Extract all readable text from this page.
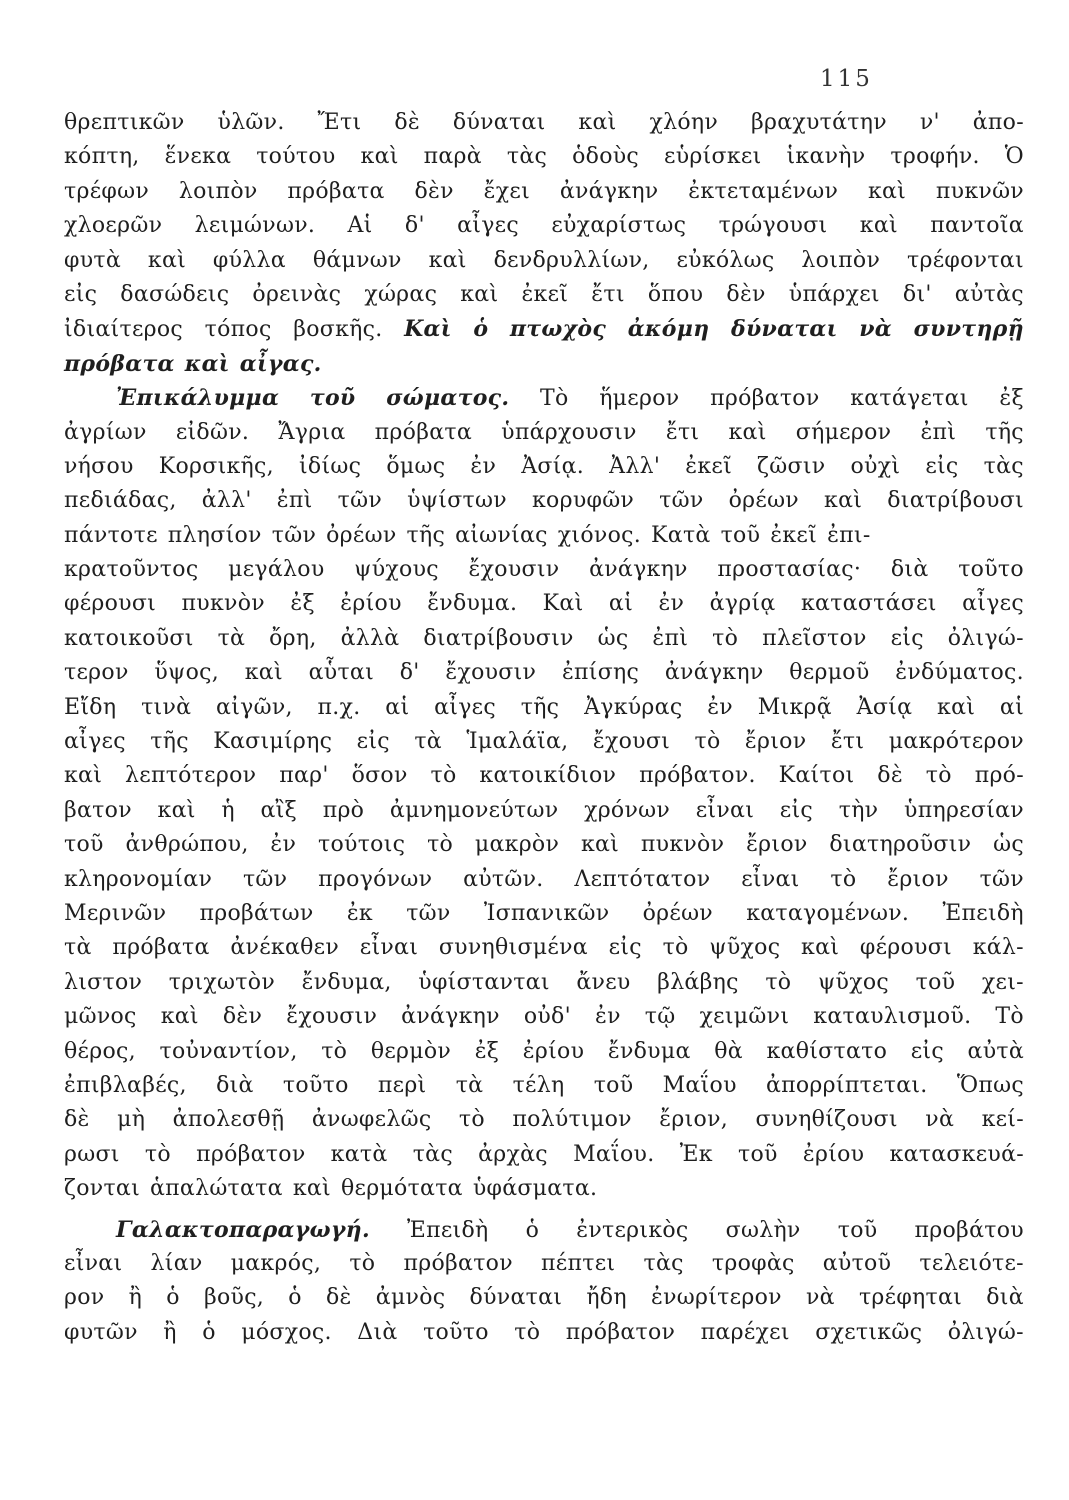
115
θρεπτικῶν ὑλῶν. Ἔτι δὲ δύναται καὶ χλόην βραχυτάτην ν' ἀπο-
κόπτη, ἕνεκα τούτου καὶ παρὰ τὰς ὁδοὺς εὑρίσκει ἱκανὴν τροφήν. Ὁ
τρέφων λοιπὸν πρόβατα δὲν ἔχει ἀνάγκην ἐκτεταμένων καὶ πυκνῶν
χλοερῶν λειμώνων. Αἱ δ' αἶγες εὐχαρίστως τρώγουσι καὶ παντοῖα
φυτὰ καὶ φύλλα θάμνων καὶ δενδρυλλίων, εὐκόλως λοιπὸν τρέφονται
εἰς δασώδεις ὀρεινὰς χώρας καὶ ἐκεῖ ἔτι ὅπου δὲν ὑπάρχει δι' αὐτὰς
ἰδιαίτερος τόπος βοσκῆς. Καὶ ὁ πτωχὸς ἀκόμη δύναται νὰ συντηρῇ
πρόβατα καὶ αἶγας.
Ἐπικάλυμμα τοῦ σώματος. Τὸ ἥμερον πρόβατον κατάγεται ἐξ
ἀγρίων εἰδῶν. Ἄγρια πρόβατα ὑπάρχουσιν ἔτι καὶ σήμερον ἐπὶ τῆς
νήσου Κορσικῆς, ἰδίως ὅμως ἐν Ἀσίᾳ. Ἀλλ' ἐκεῖ ζῶσιν οὐχὶ εἰς τὰς
πεδιάδας, ἀλλ' ἐπὶ τῶν ὑψίστων κορυφῶν τῶν ὀρέων καὶ διατρίβουσι
πάντοτε πλησίον τῶν ὀρέων τῆς αἰωνίας χιόνος. Κατὰ τοῦ ἐκεῖ ἐπι-
κρατοῦντος μεγάλου ψύχους ἔχουσιν ἀνάγκην προστασίας· διὰ τοῦτο
φέρουσι πυκνὸν ἐξ ἐρίου ἔνδυμα. Καὶ αἱ ἐν ἀγρίᾳ καταστάσει αἶγες
κατοικοῦσι τὰ ὄρη, ἀλλὰ διατρίβουσιν ὡς ἐπὶ τὸ πλεῖστον εἰς ὀλιγώ-
τερον ὕψος, καὶ αὗται δ' ἔχουσιν ἐπίσης ἀνάγκην θερμοῦ ἐνδύματος.
Εἴδη τινὰ αἰγῶν, π.χ. αἱ αἶγες τῆς Ἀγκύρας ἐν Μικρᾷ Ἀσίᾳ καὶ αἱ
αἶγες τῆς Κασιμίρης εἰς τὰ Ἱμαλάϊα, ἔχουσι τὸ ἔριον ἔτι μακρότερον
καὶ λεπτότερον παρ' ὅσον τὸ κατοικίδιον πρόβατον. Καίτοι δὲ τὸ πρό-
βατον καὶ ἡ αἲξ πρὸ ἀμνημονεύτων χρόνων εἶναι εἰς τὴν ὑπηρεσίαν
τοῦ ἀνθρώπου, ἐν τούτοις τὸ μακρὸν καὶ πυκνὸν ἔριον διατηροῦσιν ὡς
κληρονομίαν τῶν προγόνων αὐτῶν. Λεπτότατον εἶναι τὸ ἔριον τῶν
Μερινῶν προβάτων ἐκ τῶν Ἰσπανικῶν ὀρέων καταγομένων. Ἐπειδὴ
τὰ πρόβατα ἀνέκαθεν εἶναι συνηθισμένα εἰς τὸ ψῦχος καὶ φέρουσι κάλ-
λιστον τριχωτὸν ἔνδυμα, ὑφίστανται ἄνευ βλάβης τὸ ψῦχος τοῦ χει-
μῶνος καὶ δὲν ἔχουσιν ἀνάγκην οὐδ' ἐν τῷ χειμῶνι καταυλισμοῦ. Τὸ
θέρος, τοὐναντίον, τὸ θερμὸν ἐξ ἐρίου ἔνδυμα θὰ καθίστατο εἰς αὐτὰ
ἐπιβλαβές, διὰ τοῦτο περὶ τὰ τέλη τοῦ Μαΐου ἀπορρίπτεται. Ὅπως
δὲ μὴ ἀπολεσθῇ ἀνωφελῶς τὸ πολύτιμον ἔριον, συνηθίζουσι νὰ κεί-
ρωσι τὸ πρόβατον κατὰ τὰς ἀρχὰς Μαΐου. Ἐκ τοῦ ἐρίου κατασκευά-
ζονται ἁπαλώτατα καὶ θερμότατα ὑφάσματα.
Γαλακτοπαραγωγή. Ἐπειδὴ ὁ ἐντερικὸς σωλὴν τοῦ προβάτου
εἶναι λίαν μακρός, τὸ πρόβατον πέπτει τὰς τροφὰς αὐτοῦ τελειότε-
ρον ἢ ὁ βοῦς, ὁ δὲ ἀμνὸς δύναται ἤδη ἐνωρίτερον νὰ τρέφηται διὰ
φυτῶν ἢ ὁ μόσχος. Διὰ τοῦτο τὸ πρόβατον παρέχει σχετικῶς ὀλιγώ-
